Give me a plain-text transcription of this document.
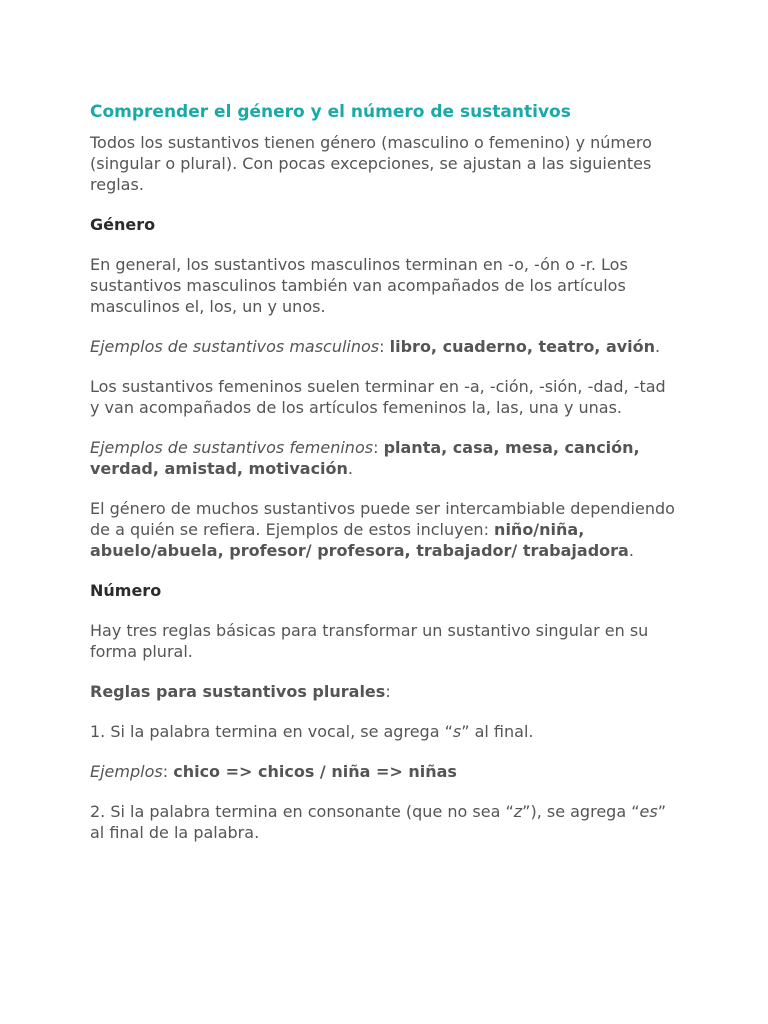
Comprender el género y el número de sustantivos

Todos los sustantivos tienen género (masculino o femenino) y número (singular o plural). Con pocas excepciones, se ajustan a las siguientes reglas.

Género

En general, los sustantivos masculinos terminan en -o, -ón o -r. Los sustantivos masculinos también van acompañados de los artículos masculinos el, los, un y unos.

Ejemplos de sustantivos masculinos: libro, cuaderno, teatro, avión.

Los sustantivos femeninos suelen terminar en -a, -ción, -sión, -dad, -tad y van acompañados de los artículos femeninos la, las, una y unas.

Ejemplos de sustantivos femeninos: planta, casa, mesa, canción, verdad, amistad, motivación.

El género de muchos sustantivos puede ser intercambiable dependiendo de a quién se refiera. Ejemplos de estos incluyen: niño/niña, abuelo/abuela, profesor/ profesora, trabajador/ trabajadora.

Número

Hay tres reglas básicas para transformar un sustantivo singular en su forma plural.

Reglas para sustantivos plurales:

1. Si la palabra termina en vocal, se agrega “s” al final.

Ejemplos: chico => chicos / niña => niñas

2. Si la palabra termina en consonante (que no sea “z”), se agrega “es” al final de la palabra.
